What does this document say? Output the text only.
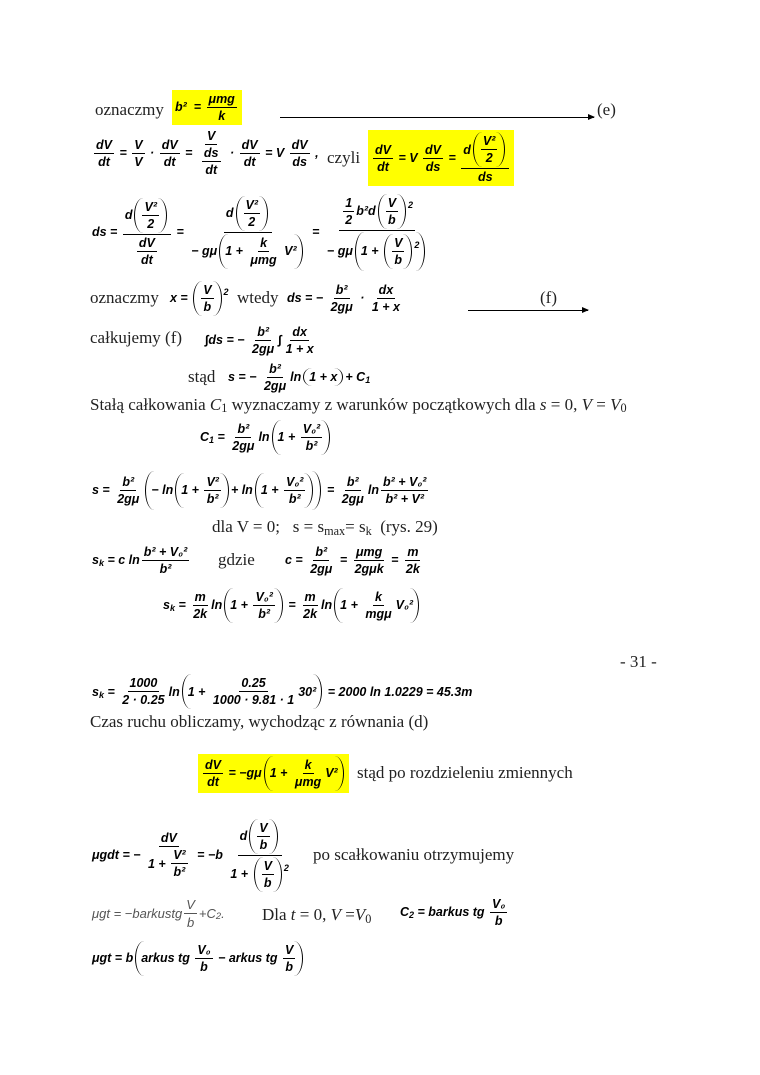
oznaczmy $b^2 = \frac{\text{μmg}}{k}$	(e)
$\frac{dV}{dt} = \frac{V}{V} \cdot \frac{dV}{dt} = \frac{V}{\frac{ds}{dt}} \cdot \frac{dV}{dt} = V \frac{dV}{ds}$ , czyli $\frac{dV}{dt} = V \frac{dV}{ds} = \frac{d \frac{\text{V²}}{2}}{ds}$
ds = $\frac{d \frac{\text{V²}}{2}}{\frac{dV}{dt}} = \frac{d \frac{\text{V²}}{2}}{- g\mu 1 + \frac{k}{\text{μmg}} V^2} = \frac{\frac{1}{2} b^2d \frac{V}{b} 2}{- g\mu 1 + \frac{V}{b} 2}$
oznaczmy $x = \frac{V}{b} 2$ wtedy ds = − $\frac{\text{b²}}{2g\mu} \cdot \frac{dx}{1 + x}$	(f)
całkujemy (f) ∫ds = − $\frac{\text{b²}}{2g\mu}$ ∫ $\frac{dx}{1 + x}$
stąd s = − $\frac{\text{b²}}{2g\mu}$ ln 1 + x + C 1
Stałą całkowania C 1 wyznaczamy z warunków początkowych dla s = 0, V = V 0
C $1 = \frac{\text{b²}}{2g\mu}$ $\ln 1 + \frac{\text{V₀²}}{\text{b²}}$
$s = \frac{\text{b²}}{2g\mu} - \ln 1 + \frac{\text{V²}}{\text{b²}} + \ln 1 + \frac{\text{V₀²}}{\text{b²}} = \frac{\text{b²}}{2g\mu}$ $\ln \frac{\text{b² + V₀²}}{\text{b² + V²}}$
dla V = 0;   s = s max = s k (rys. 29)
s k = c $\ln \frac{\text{b² + V₀²}}{\text{b²}}$ gdzie $c = \frac{\text{b²}}{2g\mu} = \frac{\text{μmg}}{\text{2gμk}} = \frac{m}{2k}$
s $k = \frac{m}{2k}$ $\ln 1 + \frac{\text{V₀²}}{\text{b²}} = \frac{m}{2k}$ $\ln 1 + \frac{k}{\text{mgμ}} V_0^2$
- 31 -
s $k = \frac{1000}{2 \cdot 0.25}$ $\ln 1 + \frac{0.25}{1000 \cdot 9.81 \cdot 1} 30^2 = 2000$ ln 1.0229 = 45.3m
Czas ruchu obliczamy, wychodząc z równania (d)
$\frac{dV}{dt} = -g\mu$ $1 + \frac{k}{\text{μmg}} V^2$ stąd po rozdzieleniu zmiennych
μgdt = − $\frac{dV}{1 + \frac{\text{V²}}{\text{b²}}} = -b \frac{d \frac{V}{b}}{1 + \frac{V}{b} 2}$ po scałkowaniu otrzymujemy
μgt = −barkustg $\frac{V}{b} +C$ 2 . Dla t = 0, V = V 0 C 2 = barkus tg $\frac{\text{V₀}}{b}$
μgt = b arkus tg $\frac{\text{V₀}}{b}$ − arkus tg $\frac{V}{b}$
